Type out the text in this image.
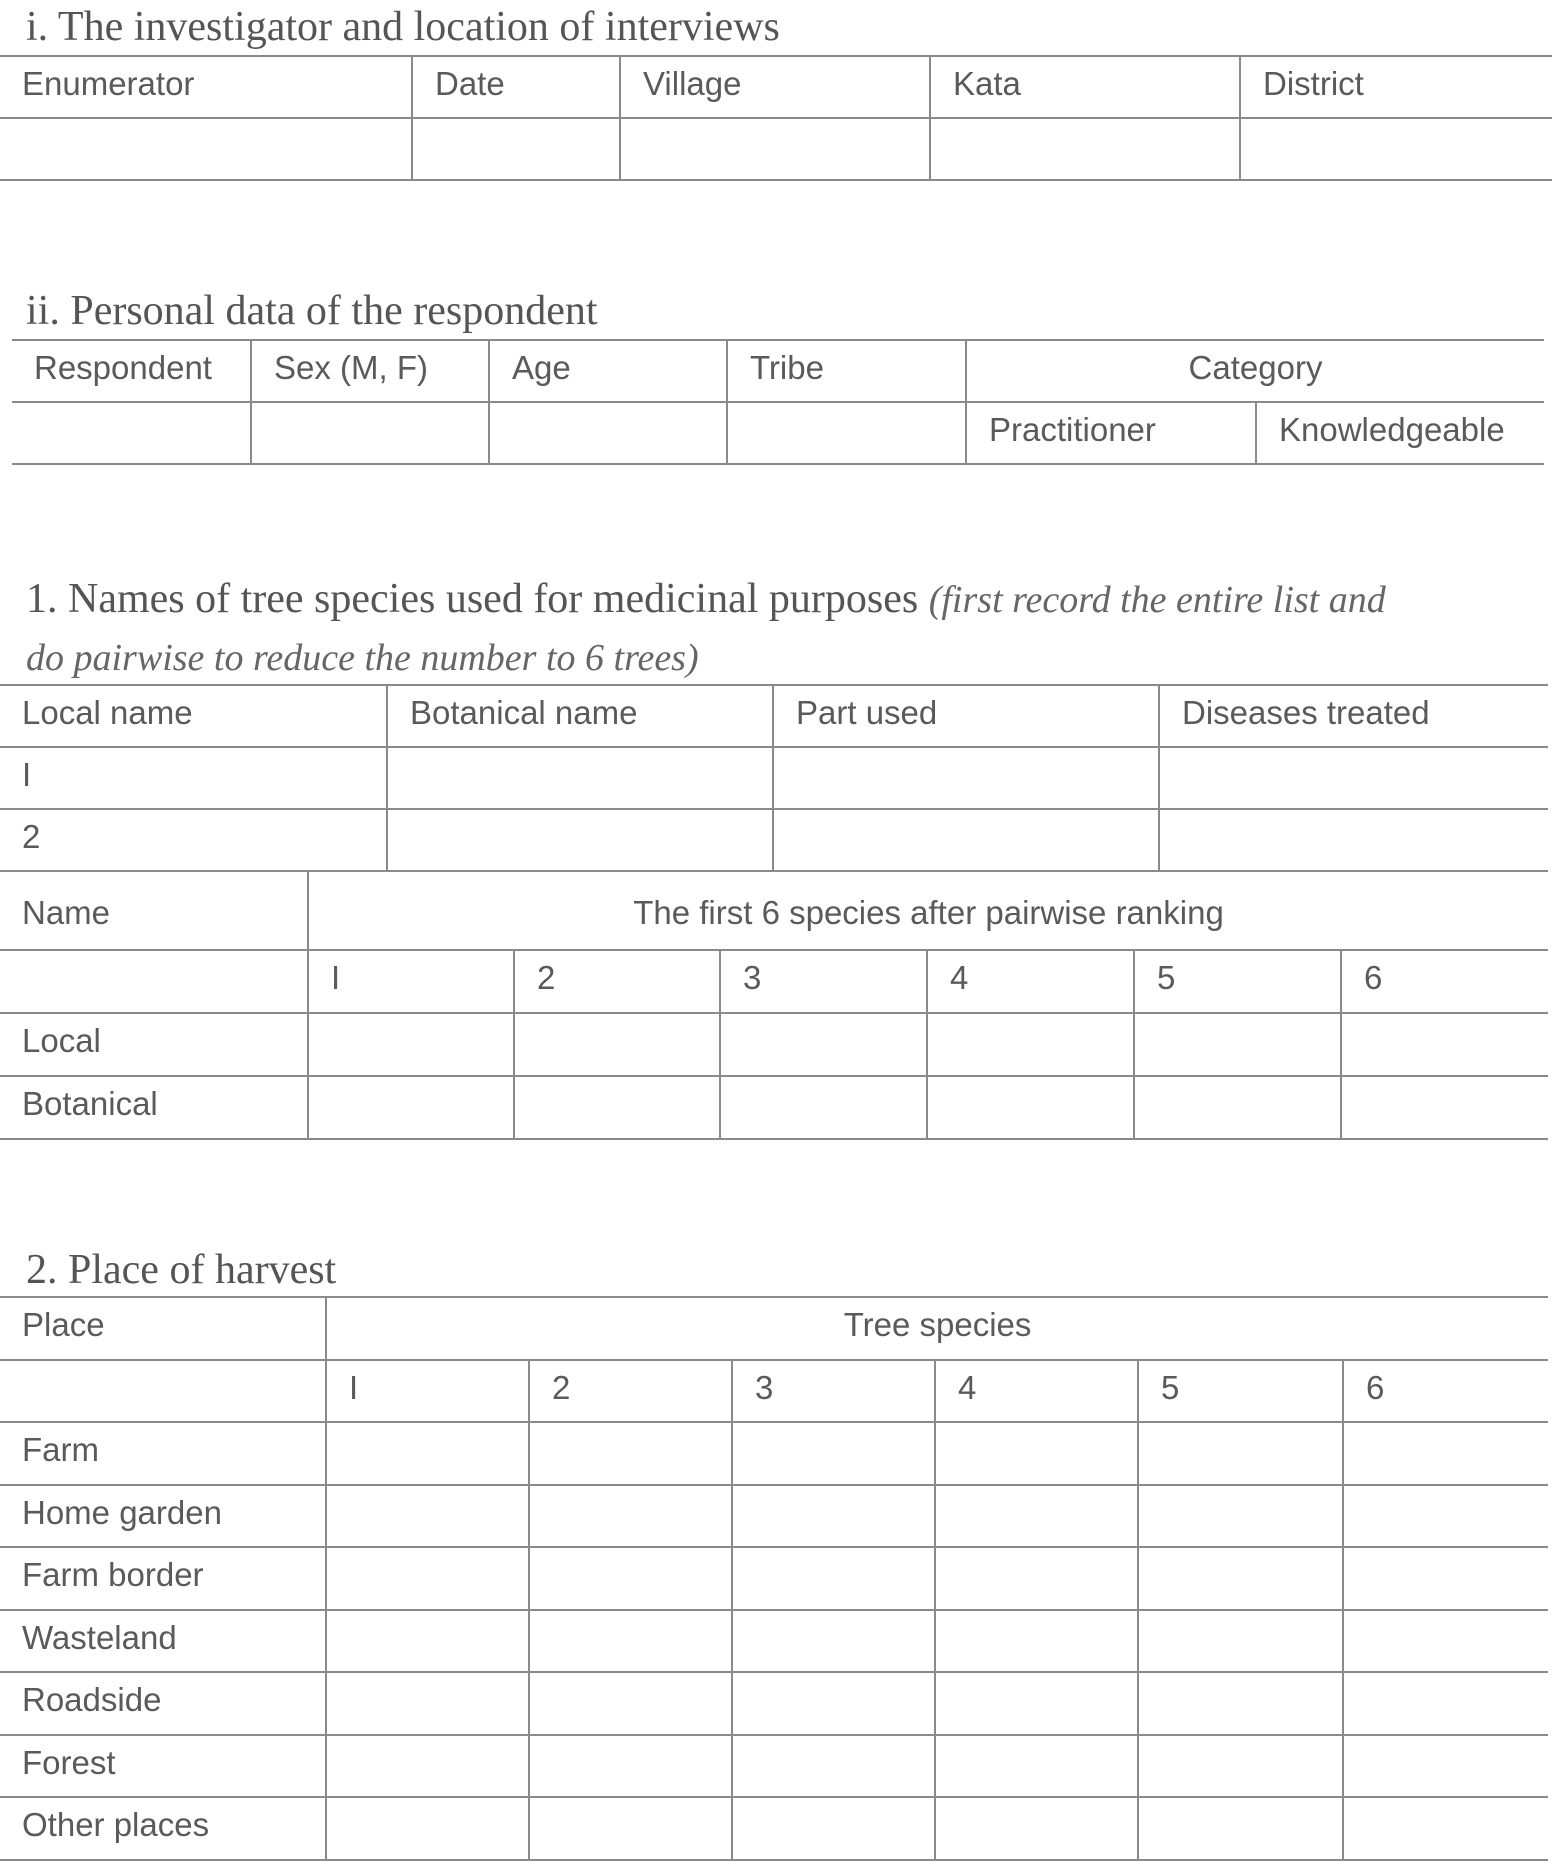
i. The investigator and location of interviews
Enumerator	Date	Village	Kata	District

ii. Personal data of the respondent
Respondent	Sex (M, F)	Age	Tribe	Category	
				Practitioner	Knowledgeable
1. Names of tree species used for medicinal purposes (first record the entire list and
do pairwise to reduce the number to 6 trees)
Local name	Botanical name	Part used	Diseases treated
I			
2			
Name	The first 6 species after pairwise ranking					
	I	2	3	4	5	6
Local						
Botanical						
2. Place of harvest
Place	Tree species					
	I	2	3	4	5	6
Farm						
Home garden						
Farm border						
Wasteland						
Roadside						
Forest						
Other places						
